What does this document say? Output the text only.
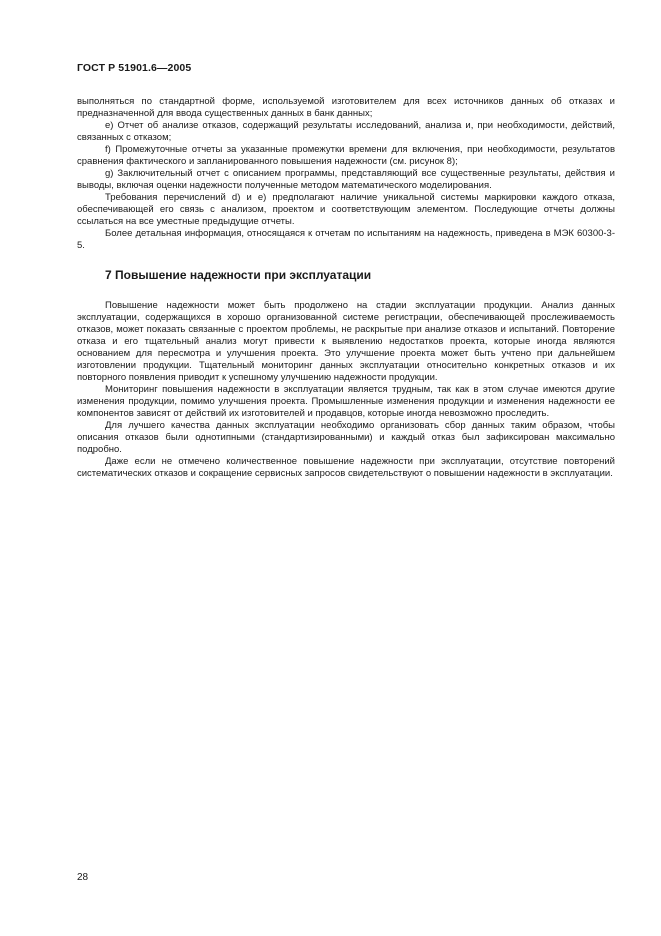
ГОСТ Р 51901.6—2005

выполняться по стандартной форме, используемой изготовителем для всех источников данных об отказах и предназначенной для ввода существенных данных в банк данных;

e) Отчет об анализе отказов, содержащий результаты исследований, анализа и, при необходимости, действий, связанных с отказом;

f) Промежуточные отчеты за указанные промежутки времени для включения, при необходимости, результатов сравнения фактического и запланированного повышения надежности (см. рисунок 8);

g) Заключительный отчет с описанием программы, представляющий все существенные результаты, действия и выводы, включая оценки надежности полученные методом математического моделирования.

Требования перечислений d) и e) предполагают наличие уникальной системы маркировки каждого отказа, обеспечивающей его связь с анализом, проектом и соответствующим элементом. Последующие отчеты должны ссылаться на все уместные предыдущие отчеты.

Более детальная информация, относящаяся к отчетам по испытаниям на надежность, приведена в МЭК 60300-3-5.

7 Повышение надежности при эксплуатации

Повышение надежности может быть продолжено на стадии эксплуатации продукции. Анализ данных эксплуатации, содержащихся в хорошо организованной системе регистрации, обеспечивающей прослеживаемость отказов, может показать связанные с проектом проблемы, не раскрытые при анализе отказов и испытаний. Повторение отказа и его тщательный анализ могут привести к выявлению недостатков проекта, которые иногда являются основанием для пересмотра и улучшения проекта. Это улучшение проекта может быть учтено при дальнейшем изготовлении продукции. Тщательный мониторинг данных эксплуатации относительно конкретных отказов и их повторного появления приводит к успешному улучшению надежности продукции.

Мониторинг повышения надежности в эксплуатации является трудным, так как в этом случае имеются другие изменения продукции, помимо улучшения проекта. Промышленные изменения продукции и изменения надежности ее компонентов зависят от действий их изготовителей и продавцов, которые иногда невозможно проследить.

Для лучшего качества данных эксплуатации необходимо организовать сбор данных таким образом, чтобы описания отказов были однотипными (стандартизированными) и каждый отказ был зафиксирован максимально подробно.

Даже если не отмечено количественное повышение надежности при эксплуатации, отсутствие повторений систематических отказов и сокращение сервисных запросов свидетельствуют о повышении надежности в эксплуатации.

28
